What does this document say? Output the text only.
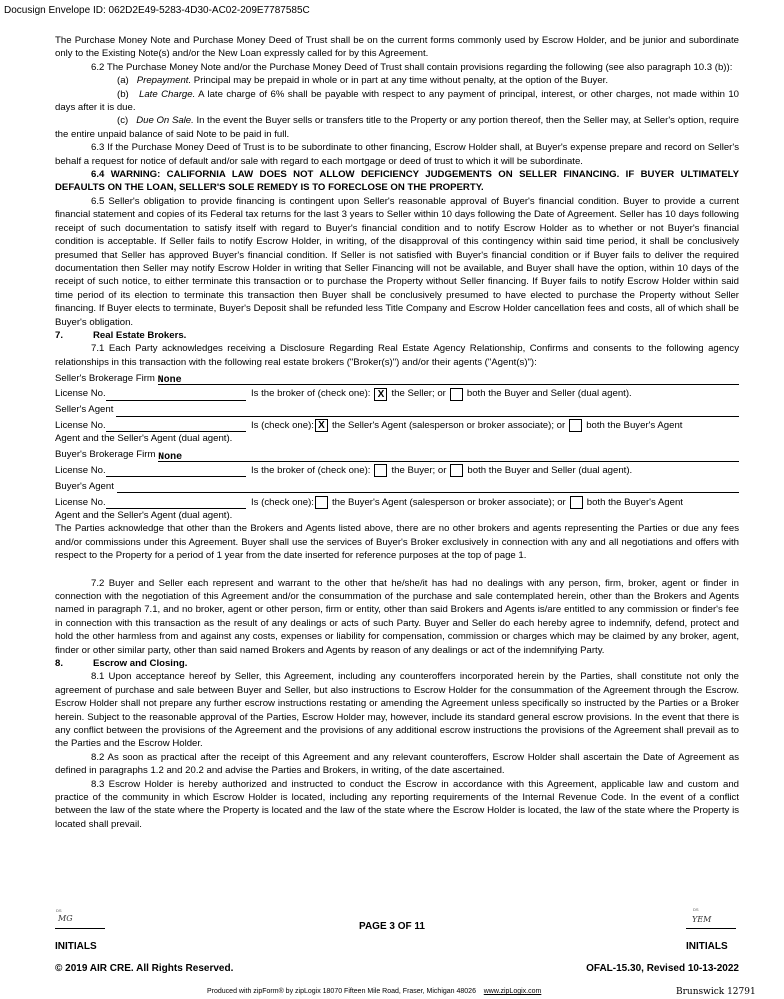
Docusign Envelope ID: 062D2E49-5283-4D30-AC02-209E7787585C

The Purchase Money Note and Purchase Money Deed of Trust shall be on the current forms commonly used by Escrow Holder, and be junior and subordinate only to the Existing Note(s) and/or the New Loan expressly called for by this Agreement.

6.2 The Purchase Money Note and/or the Purchase Money Deed of Trust shall contain provisions regarding the following (see also paragraph 10.3 (b)):

(a) Prepayment. Principal may be prepaid in whole or in part at any time without penalty, at the option of the Buyer.

(b) Late Charge. A late charge of 6% shall be payable with respect to any payment of principal, interest, or other charges, not made within 10 days after it is due.

(c) Due On Sale. In the event the Buyer sells or transfers title to the Property or any portion thereof, then the Seller may, at Seller's option, require the entire unpaid balance of said Note to be paid in full.

6.3 If the Purchase Money Deed of Trust is to be subordinate to other financing, Escrow Holder shall, at Buyer's expense prepare and record on Seller's behalf a request for notice of default and/or sale with regard to each mortgage or deed of trust to which it will be subordinate.

6.4 WARNING: CALIFORNIA LAW DOES NOT ALLOW DEFICIENCY JUDGEMENTS ON SELLER FINANCING. IF BUYER ULTIMATELY DEFAULTS ON THE LOAN, SELLER'S SOLE REMEDY IS TO FORECLOSE ON THE PROPERTY.

6.5 Seller's obligation to provide financing is contingent upon Seller's reasonable approval of Buyer's financial condition. Buyer to provide a current financial statement and copies of its Federal tax returns for the last 3 years to Seller within 10 days following the Date of Agreement. Seller has 10 days following receipt of such documentation to satisfy itself with regard to Buyer's financial condition and to notify Escrow Holder as to whether or not Buyer's financial condition is acceptable. If Seller fails to notify Escrow Holder, in writing, of the disapproval of this contingency within said time period, it shall be conclusively presumed that Seller has approved Buyer's financial condition. If Seller is not satisfied with Buyer's financial condition or if Buyer fails to deliver the required documentation then Seller may notify Escrow Holder in writing that Seller Financing will not be available, and Buyer shall have the option, within 10 days of the receipt of such notice, to either terminate this transaction or to purchase the Property without Seller financing. If Buyer fails to notify Escrow Holder within said time period of its election to terminate this transaction then Buyer shall be conclusively presumed to have elected to purchase the Property without Seller financing. If Buyer elects to terminate, Buyer's Deposit shall be refunded less Title Company and Escrow Holder cancellation fees and costs, all of which shall be Buyer's obligation.

7.	Real Estate Brokers.

7.1 Each Party acknowledges receiving a Disclosure Regarding Real Estate Agency Relationship, Confirms and consents to the following agency relationships in this transaction with the following real estate brokers ("Broker(s)") and/or their agents ("Agent(s)"):

Seller's Brokerage Firm
None
License No.
	Is the broker of (check one): X the Seller; or both the Buyer and Seller (dual agent).
Seller's Agent

License No.
	Is (check one): X the Seller's Agent (salesperson or broker associate); or both the Buyer's Agent

Agent and the Seller's Agent (dual agent).

Buyer's Brokerage Firm
None
License No.
	Is the broker of (check one): the Buyer; or both the Buyer and Seller (dual agent).
Buyer's Agent

License No.
	Is (check one): the Buyer's Agent (salesperson or broker associate); or both the Buyer's Agent

Agent and the Seller's Agent (dual agent).

The Parties acknowledge that other than the Brokers and Agents listed above, there are no other brokers and agents representing the Parties or due any fees and/or commissions under this Agreement. Buyer shall use the services of Buyer's Broker exclusively in connection with any and all negotiations and offers with respect to the Property for a period of 1 year from the date inserted for reference purposes at the top of page 1.

7.2 Buyer and Seller each represent and warrant to the other that he/she/it has had no dealings with any person, firm, broker, agent or finder in connection with the negotiation of this Agreement and/or the consummation of the purchase and sale contemplated herein, other than the Brokers and Agents named in paragraph 7.1, and no broker, agent or other person, firm or entity, other than said Brokers and Agents is/are entitled to any commission or finder's fee in connection with this transaction as the result of any dealings or acts of such Party. Buyer and Seller do each hereby agree to indemnify, defend, protect and hold the other harmless from and against any costs, expenses or liability for compensation, commission or charges which may be claimed by any broker, agent, finder or other similar party, other than said named Brokers and Agents by reason of any dealings or act of the indemnifying Party.

8.	Escrow and Closing.

8.1 Upon acceptance hereof by Seller, this Agreement, including any counteroffers incorporated herein by the Parties, shall constitute not only the agreement of purchase and sale between Buyer and Seller, but also instructions to Escrow Holder for the consummation of the Agreement through the Escrow. Escrow Holder shall not prepare any further escrow instructions restating or amending the Agreement unless specifically so instructed by the Parties or a Broker herein. Subject to the reasonable approval of the Parties, Escrow Holder may, however, include its standard general escrow provisions. In the event that there is any conflict between the provisions of the Agreement and the provisions of any additional escrow instructions the provisions of the Agreement shall prevail as to the Parties and the Escrow Holder.

8.2 As soon as practical after the receipt of this Agreement and any relevant counteroffers, Escrow Holder shall ascertain the Date of Agreement as defined in paragraphs 1.2 and 20.2 and advise the Parties and Brokers, in writing, of the date ascertained.

8.3 Escrow Holder is hereby authorized and instructed to conduct the Escrow in accordance with this Agreement, applicable law and custom and practice of the community in which Escrow Holder is located, including any reporting requirements of the Internal Revenue Code. In the event of a conflict between the law of the state where the Property is located and the law of the state where the Escrow Holder is located, the law of the state where the Property is located shall prevail.

DS
MG
DS
YEM
INITIALS	INITIALS
PAGE 3 OF 11
© 2019 AIR CRE. All Rights Reserved.	OFAL-15.30, Revised 10-13-2022
Produced with zipForm® by zipLogix 18070 Fifteen Mile Road, Fraser, Michigan 48026 www.zipLogix.com	Brunswick 12791
